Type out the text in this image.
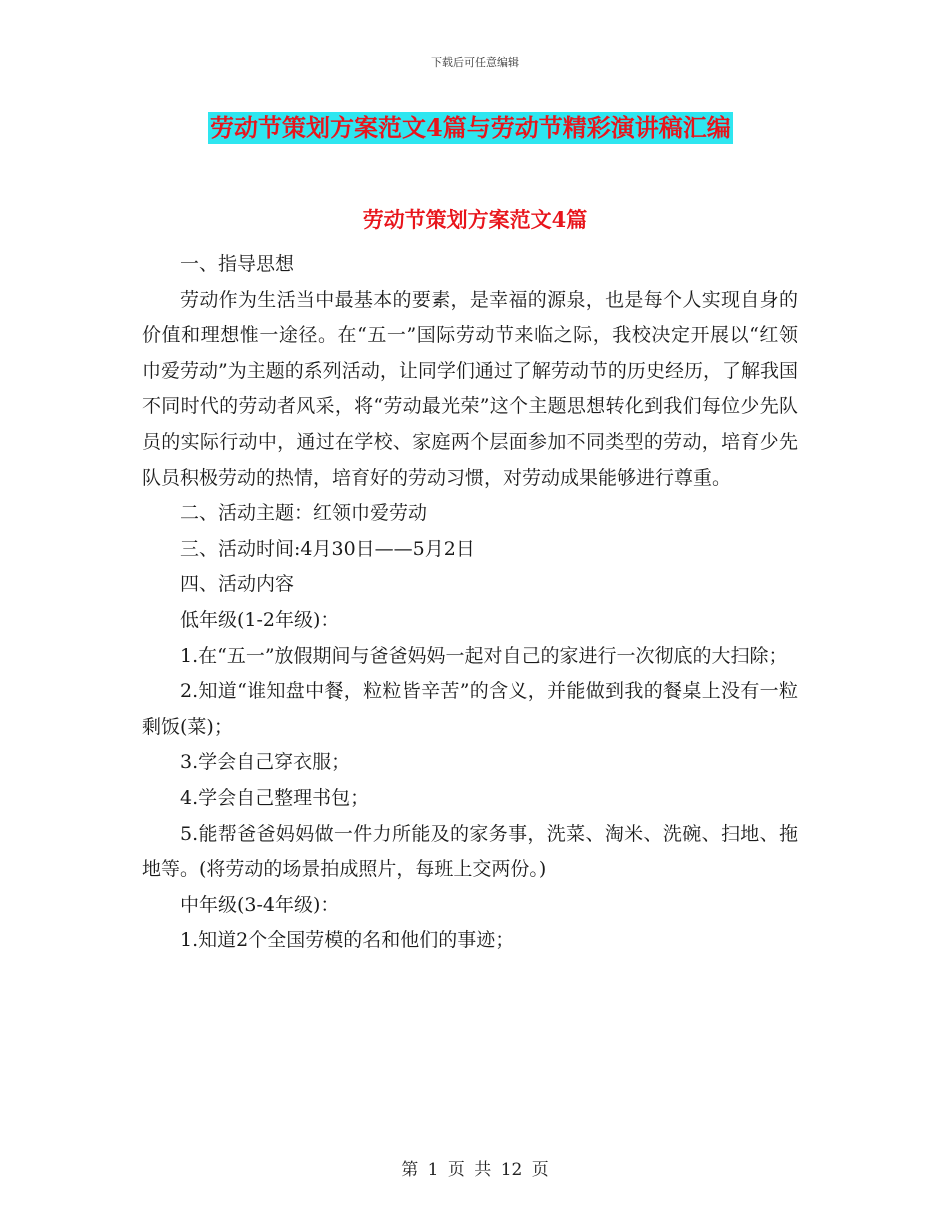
下载后可任意编辑
劳动节策划方案范文4篇与劳动节精彩演讲稿汇编
劳动节策划方案范文4篇

一、指导思想

劳动作为生活当中最基本的要素，是幸福的源泉，也是每个人实现自身的价值和理想惟一途径。在“五一”国际劳动节来临之际，我校决定开展以“红领巾爱劳动”为主题的系列活动，让同学们通过了解劳动节的历史经历，了解我国不同时代的劳动者风采，将“劳动最光荣”这个主题思想转化到我们每位少先队员的实际行动中，通过在学校、家庭两个层面参加不同类型的劳动，培育少先队员积极劳动的热情，培育好的劳动习惯，对劳动成果能够进行尊重。

二、活动主题：红领巾爱劳动

三、活动时间:4月30日——5月2日

四、活动内容

低年级(1-2年级)：

1.在“五一”放假期间与爸爸妈妈一起对自己的家进行一次彻底的大扫除；

2.知道“谁知盘中餐，粒粒皆辛苦”的含义，并能做到我的餐桌上没有一粒剩饭(菜)；

3.学会自己穿衣服；

4.学会自己整理书包；

5.能帮爸爸妈妈做一件力所能及的家务事，洗菜、淘米、洗碗、扫地、拖地等。(将劳动的场景拍成照片，每班上交两份。)

中年级(3-4年级)：

1.知道2个全国劳模的名和他们的事迹；

第 1 页 共 12 页
